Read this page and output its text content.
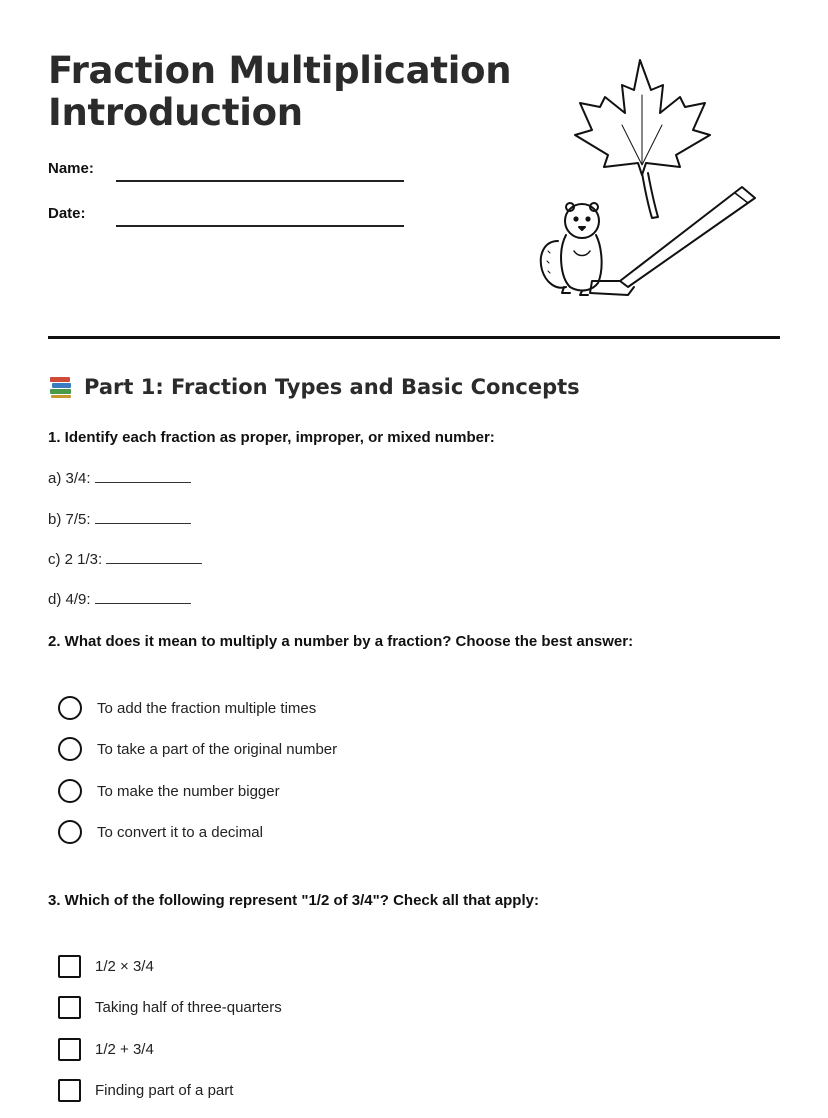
Fraction Multiplication
Introduction
Name:
Date:
Part 1: Fraction Types and Basic Concepts
1. Identify each fraction as proper, improper, or mixed number:
a) 3/4:
b) 7/5:
c) 2 1/3:
d) 4/9:
2. What does it mean to multiply a number by a fraction? Choose the best answer:
To add the fraction multiple times
To take a part of the original number
To make the number bigger
To convert it to a decimal
3. Which of the following represent "1/2 of 3/4"? Check all that apply:
1/2 × 3/4
Taking half of three-quarters
1/2 + 3/4
Finding part of a part
